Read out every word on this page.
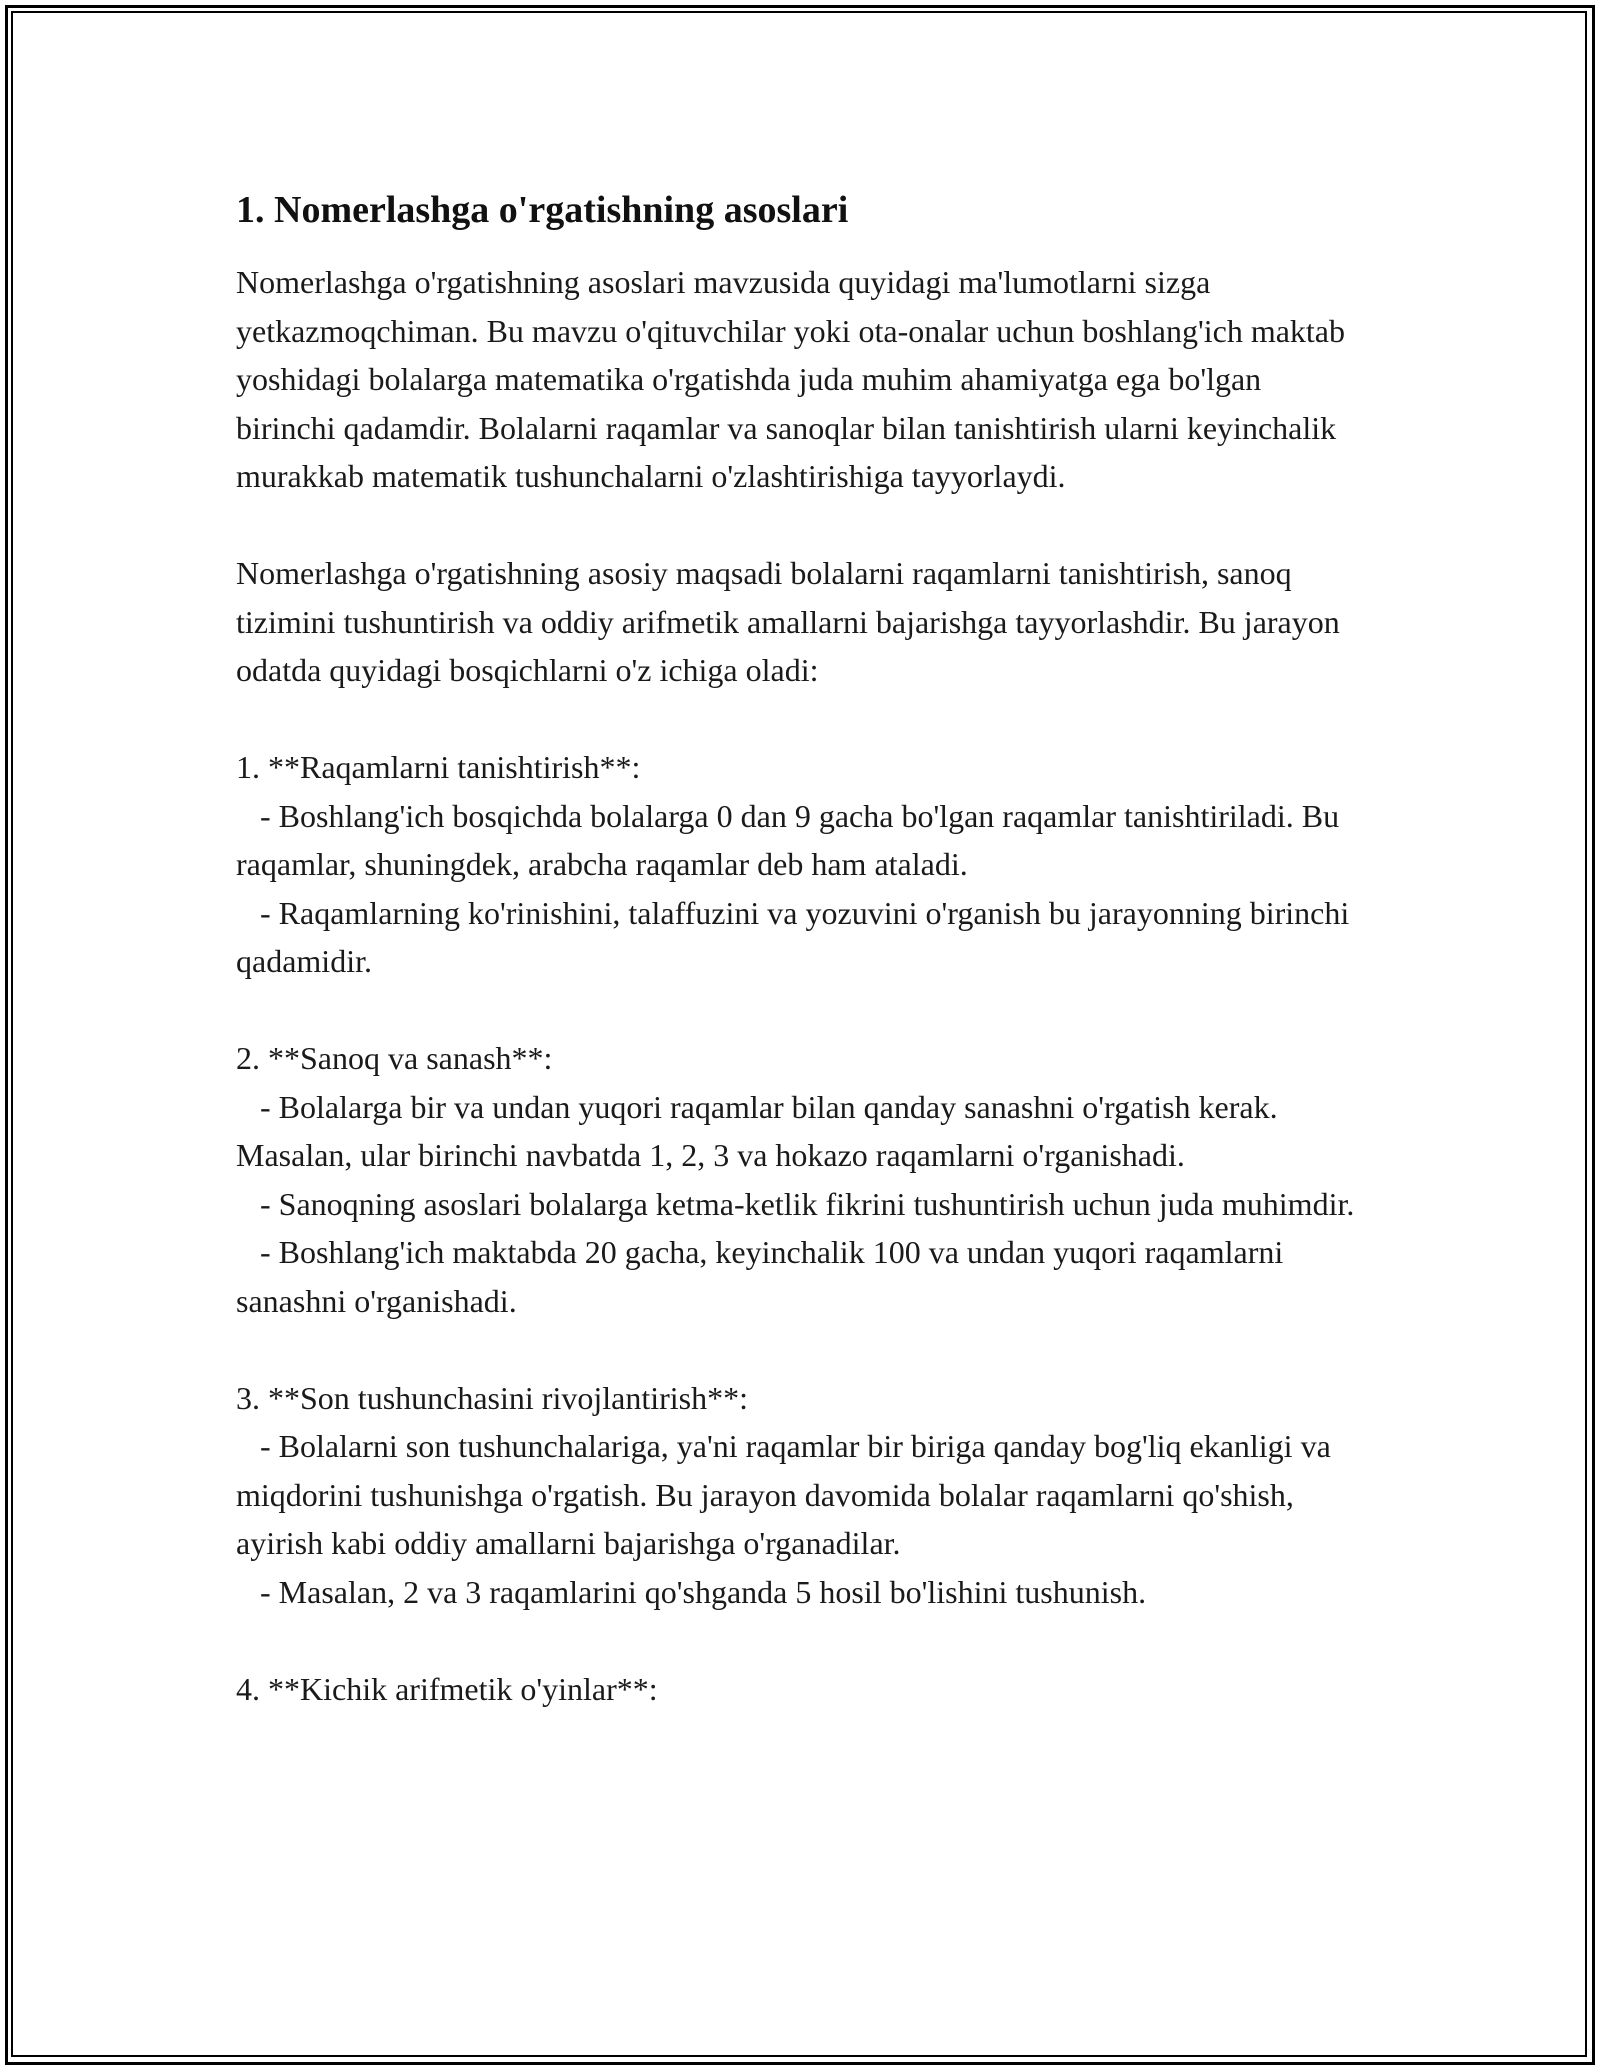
1. Nomerlashga o'rgatishning asoslari

Nomerlashga o'rgatishning asoslari mavzusida quyidagi ma'lumotlarni sizga yetkazmoqchiman. Bu mavzu o'qituvchilar yoki ota-onalar uchun boshlang'ich maktab yoshidagi bolalarga matematika o'rgatishda juda muhim ahamiyatga ega bo'lgan birinchi qadamdir. Bolalarni raqamlar va sanoqlar bilan tanishtirish ularni keyinchalik murakkab matematik tushunchalarni o'zlashtirishiga tayyorlaydi.

Nomerlashga o'rgatishning asosiy maqsadi bolalarni raqamlarni tanishtirish, sanoq tizimini tushuntirish va oddiy arifmetik amallarni bajarishga tayyorlashdir. Bu jarayon odatda quyidagi bosqichlarni o'z ichiga oladi:

1. **Raqamlarni tanishtirish**:
- Boshlang'ich bosqichda bolalarga 0 dan 9 gacha bo'lgan raqamlar tanishtiriladi. Bu raqamlar, shuningdek, arabcha raqamlar deb ham ataladi.
- Raqamlarning ko'rinishini, talaffuzini va yozuvini o'rganish bu jarayonning birinchi qadamidir.

2. **Sanoq va sanash**:
- Bolalarga bir va undan yuqori raqamlar bilan qanday sanashni o'rgatish kerak. Masalan, ular birinchi navbatda 1, 2, 3 va hokazo raqamlarni o'rganishadi.
- Sanoqning asoslari bolalarga ketma-ketlik fikrini tushuntirish uchun juda muhimdir.
- Boshlang'ich maktabda 20 gacha, keyinchalik 100 va undan yuqori raqamlarni sanashni o'rganishadi.

3. **Son tushunchasini rivojlantirish**:
- Bolalarni son tushunchalariga, ya'ni raqamlar bir biriga qanday bog'liq ekanligi va miqdorini tushunishga o'rgatish. Bu jarayon davomida bolalar raqamlarni qo'shish, ayirish kabi oddiy amallarni bajarishga o'rganadilar.
- Masalan, 2 va 3 raqamlarini qo'shganda 5 hosil bo'lishini tushunish.

4. **Kichik arifmetik o'yinlar**:
